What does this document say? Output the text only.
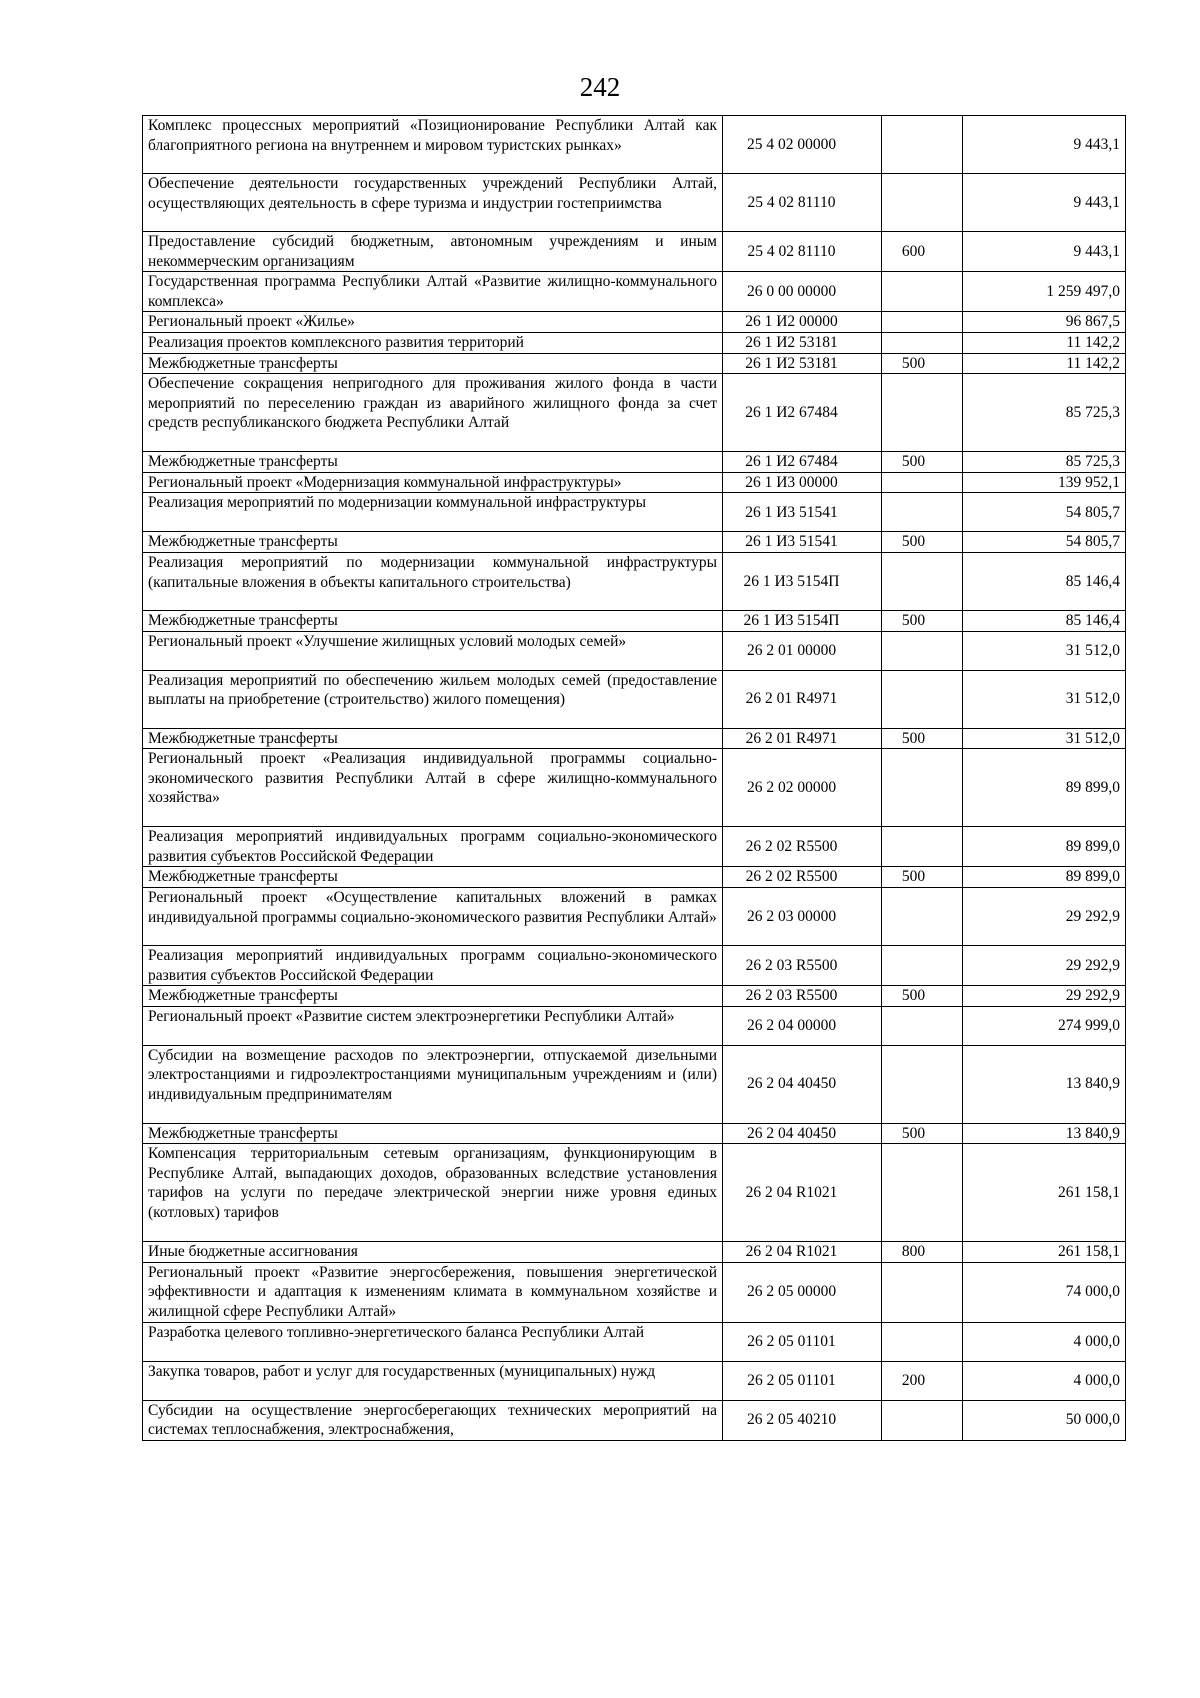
242
Комплекс процессных мероприятий «Позиционирование Республики Алтай как благоприятного региона на внутреннем и мировом туристских рынках»	25 4 02 00000		9 443,1
Обеспечение деятельности государственных учреждений Республики Алтай, осуществляющих деятельность в сфере туризма и индустрии гостеприимства	25 4 02 81110		9 443,1
Предоставление субсидий бюджетным, автономным учреждениям и иным некоммерческим организациям	25 4 02 81110	600	9 443,1
Государственная программа Республики Алтай «Развитие жилищно-коммунального комплекса»	26 0 00 00000		1 259 497,0
Региональный проект «Жилье»	26 1 И2 00000		96 867,5
Реализация проектов комплексного развития территорий	26 1 И2 53181		11 142,2
Межбюджетные трансферты	26 1 И2 53181	500	11 142,2
Обеспечение сокращения непригодного для проживания жилого фонда в части мероприятий по переселению граждан из аварийного жилищного фонда за счет средств республиканского бюджета Республики Алтай	26 1 И2 67484		85 725,3
Межбюджетные трансферты	26 1 И2 67484	500	85 725,3
Региональный проект «Модернизация коммунальной инфраструктуры»	26 1 И3 00000		139 952,1
Реализация мероприятий по модернизации коммунальной инфраструктуры	26 1 И3 51541		54 805,7
Межбюджетные трансферты	26 1 И3 51541	500	54 805,7
Реализация мероприятий по модернизации коммунальной инфраструктуры (капитальные вложения в объекты капитального строительства)	26 1 И3 5154П		85 146,4
Межбюджетные трансферты	26 1 И3 5154П	500	85 146,4
Региональный проект «Улучшение жилищных условий молодых семей»	26 2 01 00000		31 512,0
Реализация мероприятий по обеспечению жильем молодых семей (предоставление выплаты на приобретение (строительство) жилого помещения)	26 2 01 R4971		31 512,0
Межбюджетные трансферты	26 2 01 R4971	500	31 512,0
Региональный проект «Реализация индивидуальной программы социально-экономического развития Республики Алтай в сфере жилищно-коммунального хозяйства»	26 2 02 00000		89 899,0
Реализация мероприятий индивидуальных программ социально-экономического развития субъектов Российской Федерации	26 2 02 R5500		89 899,0
Межбюджетные трансферты	26 2 02 R5500	500	89 899,0
Региональный проект «Осуществление капитальных вложений в рамках индивидуальной программы социально-экономического развития Республики Алтай»	26 2 03 00000		29 292,9
Реализация мероприятий индивидуальных программ социально-экономического развития субъектов Российской Федерации	26 2 03 R5500		29 292,9
Межбюджетные трансферты	26 2 03 R5500	500	29 292,9
Региональный проект «Развитие систем электроэнергетики Республики Алтай»	26 2 04 00000		274 999,0
Субсидии на возмещение расходов по электроэнергии, отпускаемой дизельными электростанциями и гидроэлектростанциями муниципальным учреждениям и (или) индивидуальным предпринимателям	26 2 04 40450		13 840,9
Межбюджетные трансферты	26 2 04 40450	500	13 840,9
Компенсация территориальным сетевым организациям, функционирующим в Республике Алтай, выпадающих доходов, образованных вследствие установления тарифов на услуги по передаче электрической энергии ниже уровня единых (котловых) тарифов	26 2 04 R1021		261 158,1
Иные бюджетные ассигнования	26 2 04 R1021	800	261 158,1
Региональный проект «Развитие энергосбережения, повышения энергетической эффективности и адаптация к изменениям климата в коммунальном хозяйстве и жилищной сфере Республики Алтай»	26 2 05 00000		74 000,0
Разработка целевого топливно-энергетического баланса Республики Алтай	26 2 05 01101		4 000,0
Закупка товаров, работ и услуг для государственных (муниципальных) нужд	26 2 05 01101	200	4 000,0
Субсидии на осуществление энергосберегающих технических мероприятий на системах теплоснабжения, электроснабжения,	26 2 05 40210		50 000,0
